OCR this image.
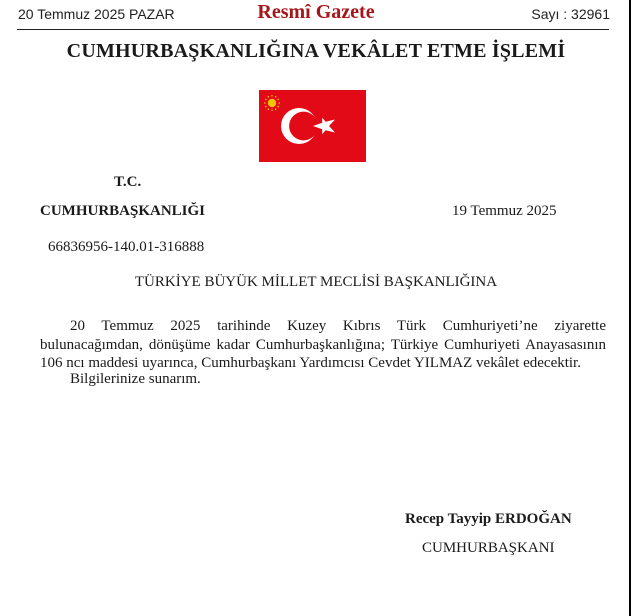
20 Temmuz 2025 PAZAR	Resmî Gazete	Sayı : 32961
CUMHURBAŞKANLIĞINA VEKÂLET ETME İŞLEMİ
T.C.
CUMHURBAŞKANLIĞI	19 Temmuz 2025
66836956-140.01-316888
TÜRKİYE BÜYÜK MİLLET MECLİSİ BAŞKANLIĞINA

20 Temmuz 2025 tarihinde Kuzey Kıbrıs Türk Cumhuriyeti’ne ziyarette bulunacağımdan, dönüşüme kadar Cumhurbaşkanlığına; Türkiye Cumhuriyeti Anayasasının 106 ncı maddesi uyarınca, Cumhurbaşkanı Yardımcısı Cevdet YILMAZ vekâlet edecektir.

Bilgilerinize sunarım.
Recep Tayyip ERDOĞAN
CUMHURBAŞKANI
